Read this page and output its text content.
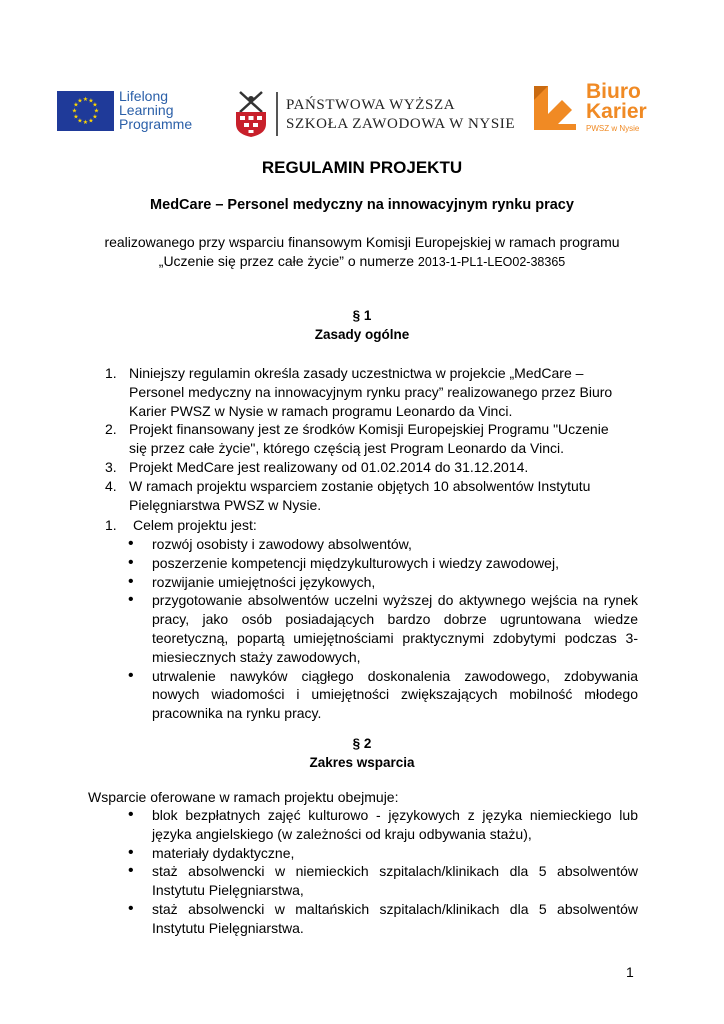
★ ★
★
★
★
★
★
★
★
★
★
★	Lifelong
Learning
Programme
PAŃSTWOWA WYŻSZA
SZKOŁA ZAWODOWA W NYSIE
Biuro
Karier
PWSZ w Nysie
REGULAMIN PROJEKTU
MedCare – Personel medyczny na innowacyjnym rynku pracy
realizowanego przy wsparciu finansowym Komisji Europejskiej w ramach programu „Uczenie się przez całe życie” o numerze 2013-1-PL1-LEO02-38365
§ 1
Zasady ogólne
1. Niniejszy regulamin określa zasady uczestnictwa w projekcie „MedCare – Personel medyczny na innowacyjnym rynku pracy” realizowanego przez Biuro Karier PWSZ w Nysie w ramach programu Leonardo da Vinci.
2. Projekt finansowany jest ze środków Komisji Europejskiej Programu "Uczenie się przez całe życie", którego częścią jest Program Leonardo da Vinci.
3. Projekt MedCare jest realizowany od 01.02.2014 do 31.12.2014.
4. W ramach projektu wsparciem zostanie objętych 10 absolwentów Instytutu Pielęgniarstwa PWSZ w Nysie.
1. Celem projektu jest:
• rozwój osobisty i zawodowy absolwentów,
• poszerzenie kompetencji międzykulturowych i wiedzy zawodowej,
• rozwijanie umiejętności językowych,
• przygotowanie absolwentów uczelni wyższej do aktywnego wejścia na rynek pracy, jako osób posiadających bardzo dobrze ugruntowana wiedze teoretyczną, popartą umiejętnościami praktycznymi zdobytymi podczas 3-miesiecznych staży zawodowych,
• utrwalenie nawyków ciągłego doskonalenia zawodowego, zdobywania nowych wiadomości i umiejętności zwiększających mobilność młodego pracownika na rynku pracy.
§ 2
Zakres wsparcia
Wsparcie oferowane w ramach projektu obejmuje:
• blok bezpłatnych zajęć kulturowo - językowych z języka niemieckiego lub języka angielskiego (w zależności od kraju odbywania stażu),
• materiały dydaktyczne,
• staż absolwencki w niemieckich szpitalach/klinikach dla 5 absolwentów Instytutu Pielęgniarstwa,
• staż absolwencki w maltańskich szpitalach/klinikach dla 5 absolwentów Instytutu Pielęgniarstwa.
1
